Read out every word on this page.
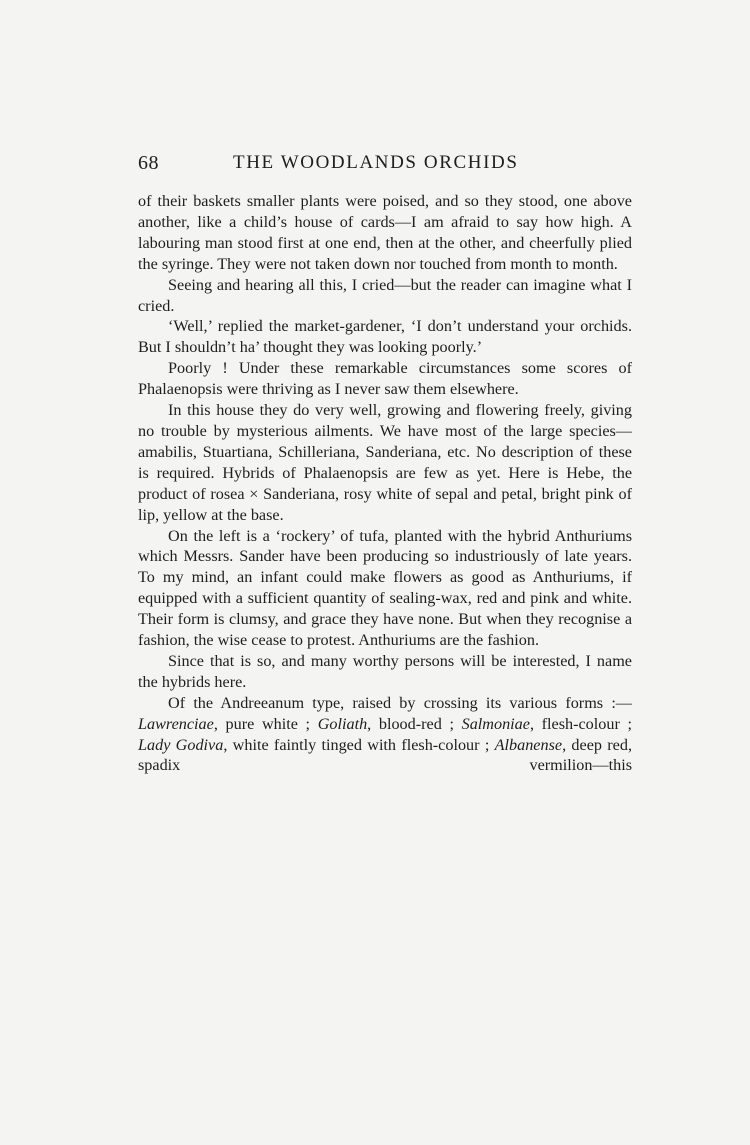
68	THE WOODLANDS ORCHIDS

of their baskets smaller plants were poised, and so they stood, one above another, like a child’s house of cards—I am afraid to say how high. A labouring man stood first at one end, then at the other, and cheerfully plied the syringe. They were not taken down nor touched from month to month.

Seeing and hearing all this, I cried—but the reader can imagine what I cried.

‘Well,’ replied the market-gardener, ‘I don’t understand your orchids. But I shouldn’t ha’ thought they was looking poorly.’

Poorly ! Under these remarkable circumstances some scores of Phalaenopsis were thriving as I never saw them elsewhere.

In this house they do very well, growing and flowering freely, giving no trouble by mysterious ailments. We have most of the large species—amabilis, Stuartiana, Schilleriana, Sanderiana, etc. No description of these is required. Hybrids of Phalaenopsis are few as yet. Here is Hebe, the product of rosea × Sanderiana, rosy white of sepal and petal, bright pink of lip, yellow at the base.

On the left is a ‘rockery’ of tufa, planted with the hybrid Anthuriums which Messrs. Sander have been producing so industriously of late years. To my mind, an infant could make flowers as good as Anthuriums, if equipped with a sufficient quantity of sealing-wax, red and pink and white. Their form is clumsy, and grace they have none. But when they recognise a fashion, the wise cease to protest. Anthuriums are the fashion.

Since that is so, and many worthy persons will be interested, I name the hybrids here.

Of the Andreeanum type, raised by crossing its various forms :—Lawrenciae, pure white ; Goliath, blood-red ; Salmoniae, flesh-colour ; Lady Godiva, white faintly tinged with flesh-colour ; Albanense, deep red, spadix vermilion—this
